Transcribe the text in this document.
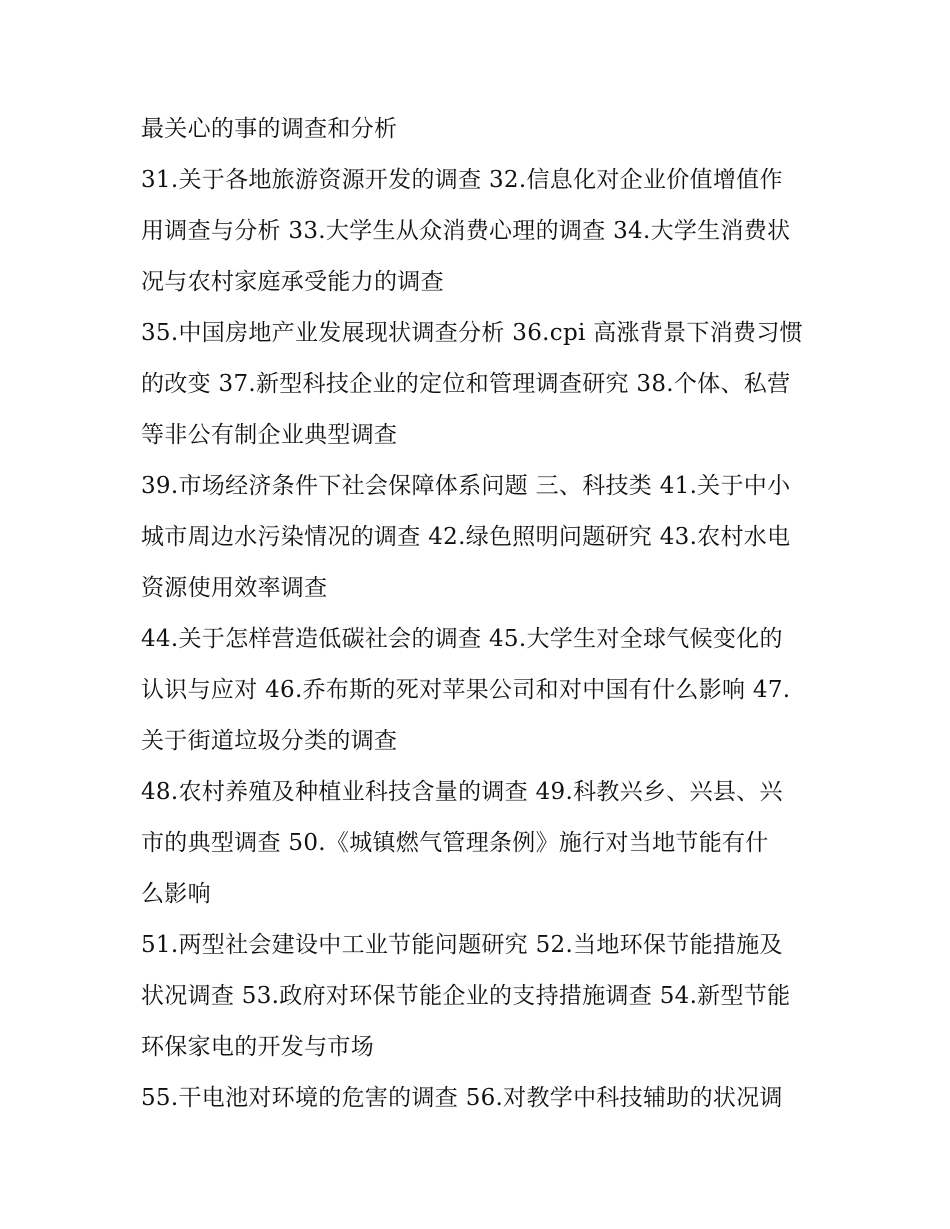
最关心的事的调查和分析
31.关于各地旅游资源开发的调查 32.信息化对企业价值增值作
用调查与分析 33.大学生从众消费心理的调查 34.大学生消费状
况与农村家庭承受能力的调查
35.中国房地产业发展现状调查分析 36.cpi 高涨背景下消费习惯
的改变 37.新型科技企业的定位和管理调查研究 38.个体、私营
等非公有制企业典型调查
39.市场经济条件下社会保障体系问题 三、科技类 41.关于中小
城市周边水污染情况的调查 42.绿色照明问题研究 43.农村水电
资源使用效率调查
44.关于怎样营造低碳社会的调查 45.大学生对全球气候变化的
认识与应对 46.乔布斯的死对苹果公司和对中国有什么影响 47.
关于街道垃圾分类的调查
48.农村养殖及种植业科技含量的调查 49.科教兴乡、兴县、兴
市的典型调查 50.《城镇燃气管理条例》施行对当地节能有什
么影响
51.两型社会建设中工业节能问题研究 52.当地环保节能措施及
状况调查 53.政府对环保节能企业的支持措施调查 54.新型节能
环保家电的开发与市场
55.干电池对环境的危害的调查 56.对教学中科技辅助的状况调
